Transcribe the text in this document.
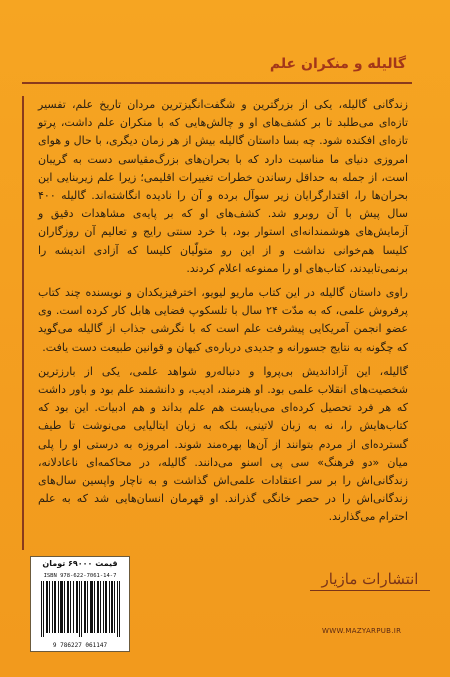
گالیله و منکران علم

زندگانی گالیله، یکی از بزرگترین و شگفت‌انگیزترین مردان تاریخ علم، تفسیر تازه‌ای می‌طلبد تا بر کشف‌های او و چالش‌هایی که با منکران علم داشت، پرتو تازه‌ای افکنده شود. چه بسا داستان گالیله بیش از هر زمان دیگری، با حال و هوای امروزی دنیای ما مناسبت دارد که با بحران‌های بزرگ‌مقیاسی دست به گریبان است، از جمله به حداقل رساندن خطرات تغییرات اقلیمی؛ زیرا علم زیربنایی این بحران‌ها را، اقتدارگرایان زیر سوآل برده و آن را نادیده انگاشته‌اند. گالیله ۴۰۰ سال پیش با آن روبرو شد. کشف‌های او که بر پایه‌ی مشاهدات دقیق و آزمایش‌های هوشمندانه‌ای استوار بود، با خرد سنتی رایج و تعالیم آن روزگاران کلیسا هم‌خوانی نداشت و از این رو متولّیان کلیسا که آزادی اندیشه را برنمی‌تابیدند، کتاب‌های او را ممنوعه اعلام کردند.

راوی داستان گالیله در این کتاب ماریو لیویو، اخترفیزیکدان و نویسنده چند کتاب پرفروش علمی، که به مدّت ۲۴ سال با تلسکوپ فضایی هابل کار کرده است. وی عضو انجمن آمریکایی پیشرفت علم است که با نگرشی جذاب از گالیله می‌گوید که چگونه به نتایج جسورانه و جدیدی درباره‌ی کیهان و قوانین طبیعت دست یافت.

گالیله، این آزاداندیش بی‌پروا و دنباله‌رو شواهد علمی، یکی از بارزترین شخصیت‌های انقلاب علمی بود. او هنرمند، ادیب، و دانشمند علم بود و باور داشت که هر فرد تحصیل کرده‌ای می‌بایست هم علم بداند و هم ادبیات. این بود که کتاب‌هایش را، نه به زبان لاتینی، بلکه به زبان ایتالیایی می‌نوشت تا طیف گسترده‌ای از مردم بتوانند از آن‌ها بهره‌مند شوند. امروزه به درستی او را پلی میان «دو فرهنگ» سی پی اسنو می‌دانند. گالیله، در محاکمه‌ای ناعادلانه، زندگانی‌اش را بر سر اعتقادات علمی‌اش گذاشت و به ناچار واپسین سال‌های زندگانی‌اش را در حصر خانگی گذراند. او قهرمان انسان‌هایی شد که به علم احترام می‌گذارند.

قیمت ۶۹۰۰۰ تومان
ISBN 978-622-7061-14-7
9 786227 061147
انتشارات مازیار
WWW.MAZYARPUB.IR
